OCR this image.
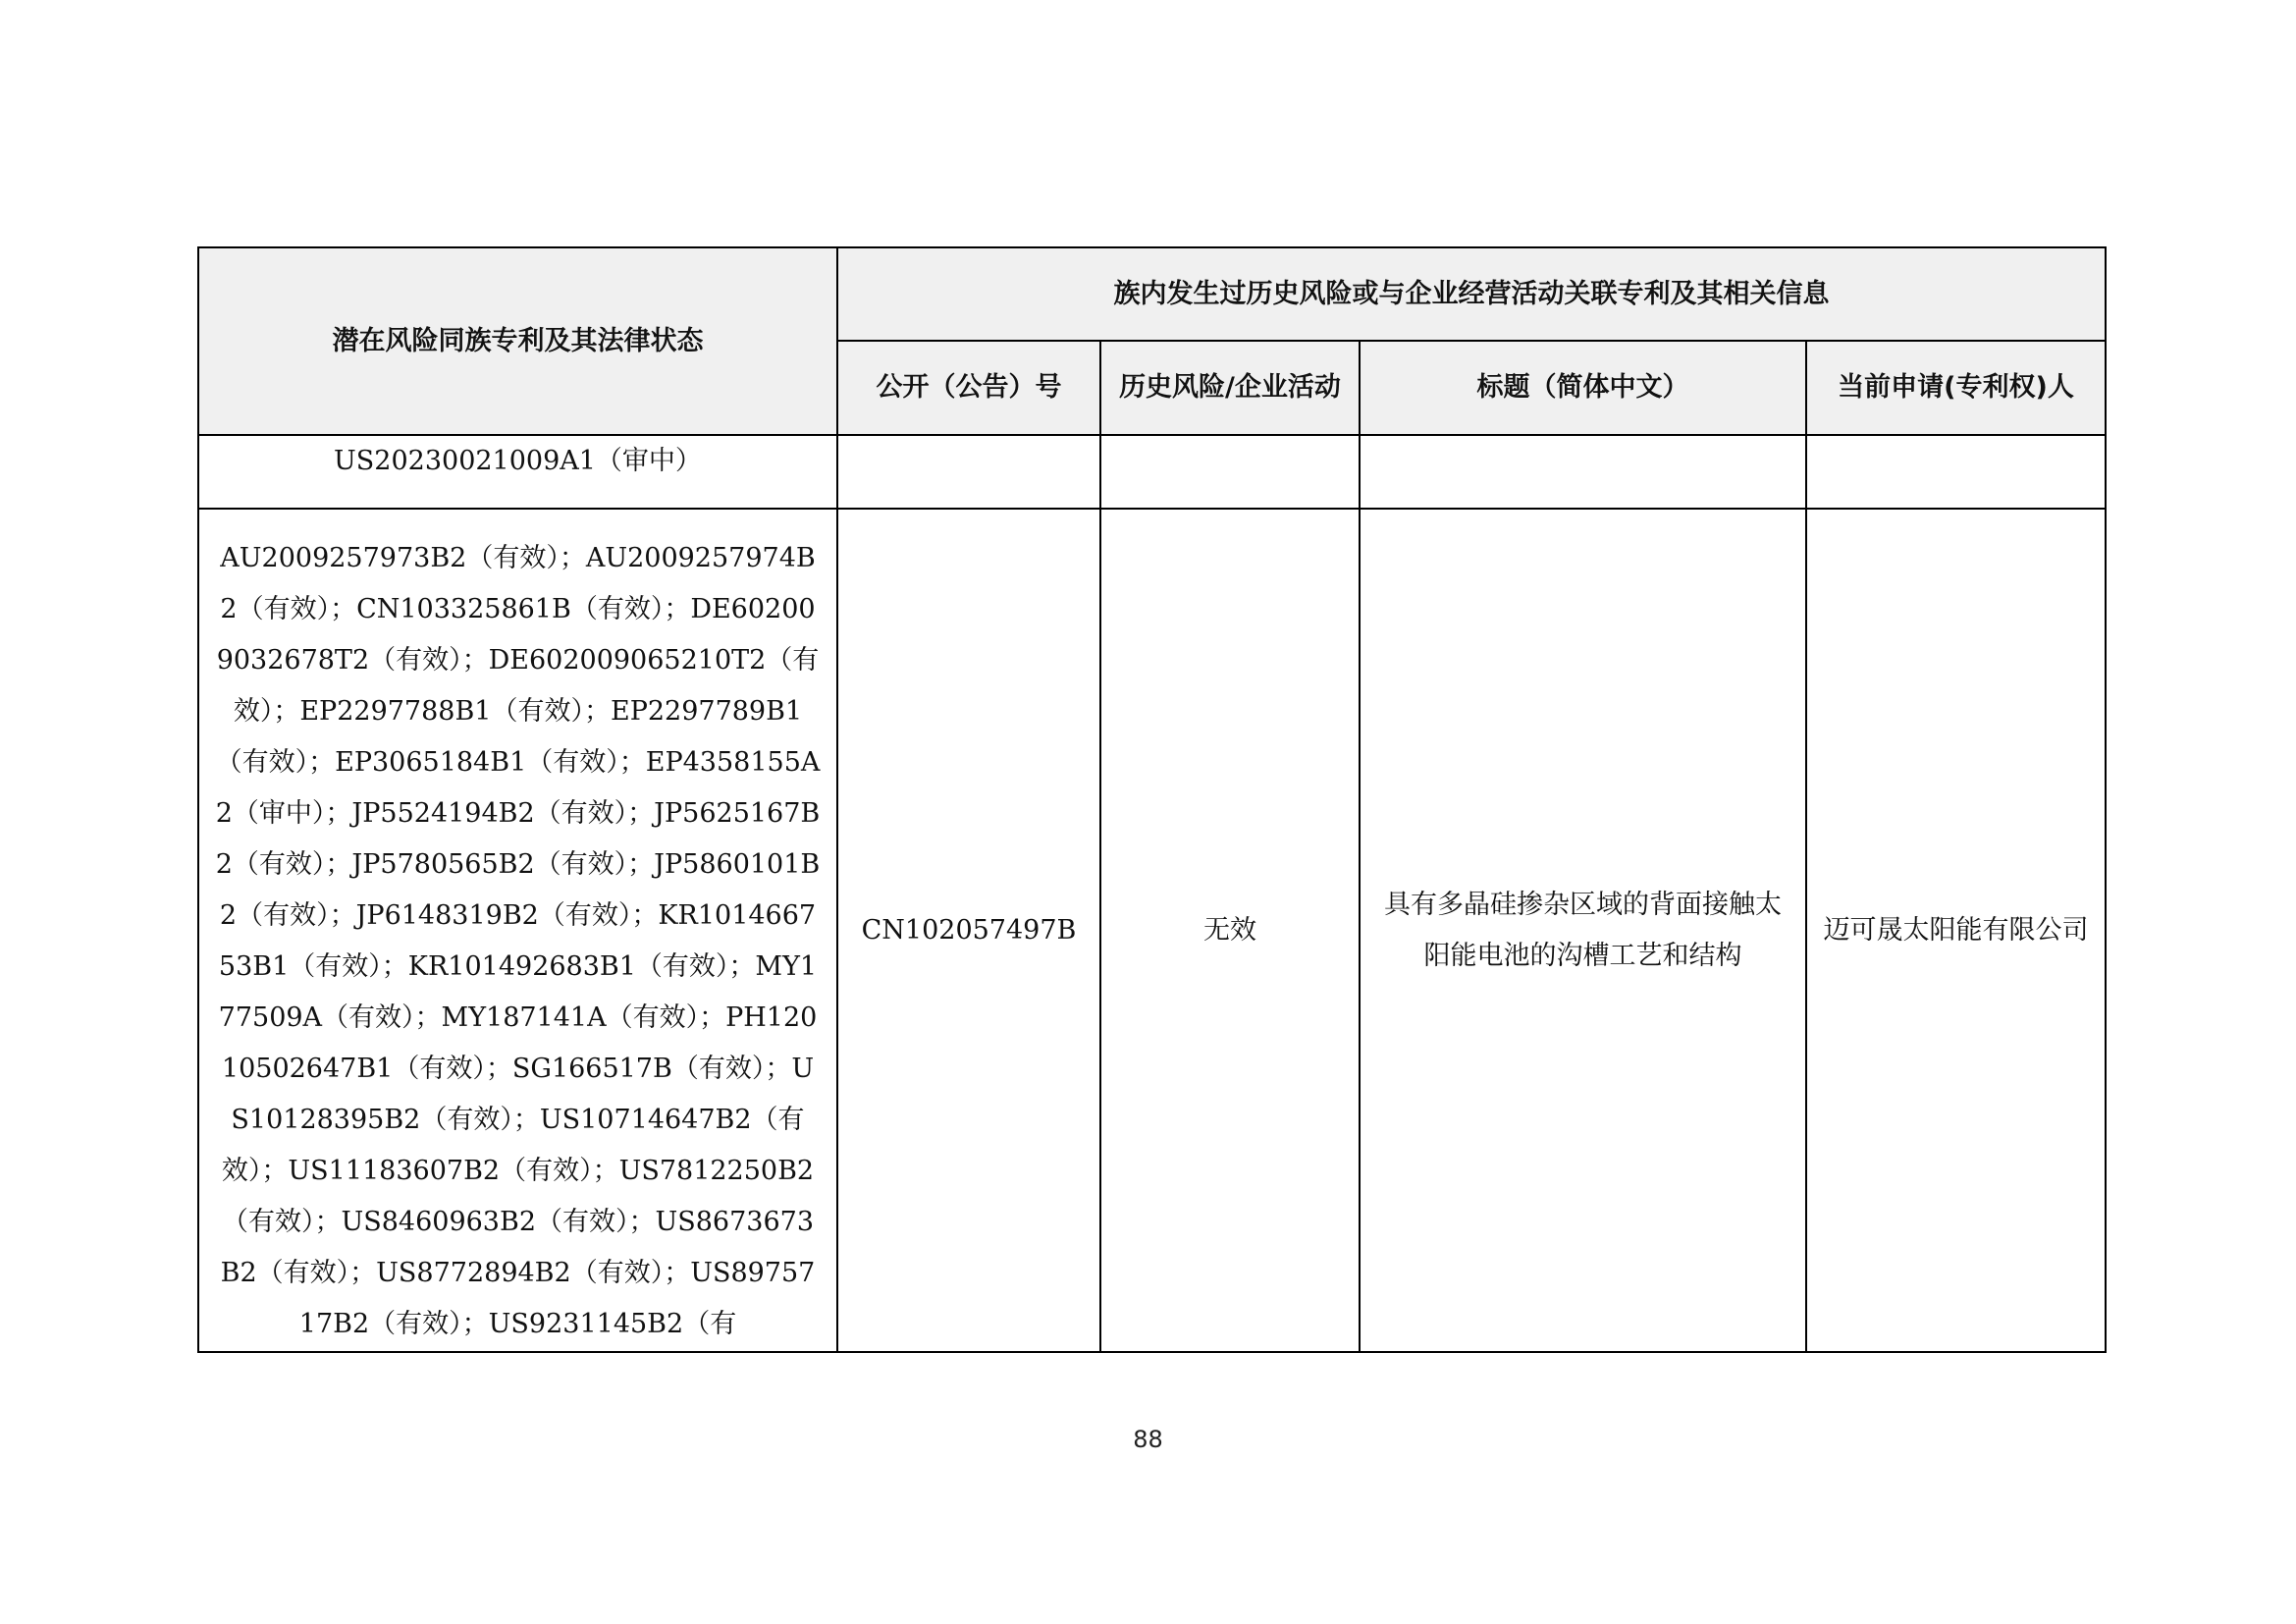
潜在风险同族专利及其法律状态	族内发生过历史风险或与企业经营活动关联专利及其相关信息			
	公开（公告）号	历史风险/企业活动	标题（简体中文）	当前申请(专利权)人
US20230021009A1（审中）				

AU2009257973B2（有效）；AU2009257974B2（有效）；CN103325861B（有效）；DE602009032678T2（有效）；DE602009065210T2（有效）；EP2297788B1（有效）；EP2297789B1（有效）；EP3065184B1（有效）；EP4358155A2（审中）；JP5524194B2（有效）；JP5625167B2（有效）；JP5780565B2（有效）；JP5860101B2（有效）；JP6148319B2（有效）；KR101466753B1（有效）；KR101492683B1（有效）；MY177509A（有效）；MY187141A（有效）；PH12010502647B1（有效）；SG166517B（有效）；US10128395B2（有效）；US10714647B2（有效）；US11183607B2（有效）；US7812250B2（有效）；US8460963B2（有效）；US8673673B2（有效）；US8772894B2（有效）；US8975717B2（有效）；US9231145B2（有	CN102057497B	无效	具有多晶硅掺杂区域的背面接触太阳能电池的沟槽工艺和结构	迈可晟太阳能有限公司
88
